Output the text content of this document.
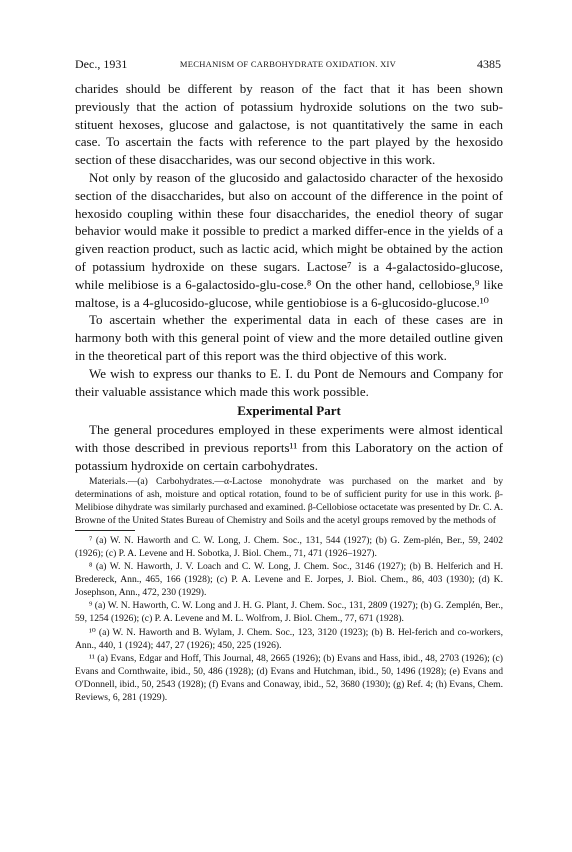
Dec., 1931	MECHANISM OF CARBOHYDRATE OXIDATION. XIV	4385

charides should be different by reason of the fact that it has been shown previously that the action of potassium hydroxide solutions on the two sub-stituent hexoses, glucose and galactose, is not quantitatively the same in each case. To ascertain the facts with reference to the part played by the hexosido section of these disaccharides, was our second objective in this work.

Not only by reason of the glucosido and galactosido character of the hexosido section of the disaccharides, but also on account of the difference in the point of hexosido coupling within these four disaccharides, the enediol theory of sugar behavior would make it possible to predict a marked differ-ence in the yields of a given reaction product, such as lactic acid, which might be obtained by the action of potassium hydroxide on these sugars. Lactose⁷ is a 4-galactosido-glucose, while melibiose is a 6-galactosido-glu-cose.⁸ On the other hand, cellobiose,⁹ like maltose, is a 4-glucosido-glucose, while gentiobiose is a 6-glucosido-glucose.¹⁰

To ascertain whether the experimental data in each of these cases are in harmony both with this general point of view and the more detailed outline given in the theoretical part of this report was the third objective of this work.

We wish to express our thanks to E. I. du Pont de Nemours and Company for their valuable assistance which made this work possible.

Experimental Part

The general procedures employed in these experiments were almost identical with those described in previous reports¹¹ from this Laboratory on the action of potassium hydroxide on certain carbohydrates.

Materials.—(a) Carbohydrates.—α-Lactose monohydrate was purchased on the market and by determinations of ash, moisture and optical rotation, found to be of sufficient purity for use in this work. β-Melibiose dihydrate was similarly purchased and examined. β-Cellobiose octacetate was presented by Dr. C. A. Browne of the United States Bureau of Chemistry and Soils and the acetyl groups removed by the methods of

⁷ (a) W. N. Haworth and C. W. Long, J. Chem. Soc., 131, 544 (1927); (b) G. Zem-plén, Ber., 59, 2402 (1926); (c) P. A. Levene and H. Sobotka, J. Biol. Chem., 71, 471 (1926–1927).

⁸ (a) W. N. Haworth, J. V. Loach and C. W. Long, J. Chem. Soc., 3146 (1927); (b) B. Helferich and H. Bredereck, Ann., 465, 166 (1928); (c) P. A. Levene and E. Jorpes, J. Biol. Chem., 86, 403 (1930); (d) K. Josephson, Ann., 472, 230 (1929).

⁹ (a) W. N. Haworth, C. W. Long and J. H. G. Plant, J. Chem. Soc., 131, 2809 (1927); (b) G. Zemplén, Ber., 59, 1254 (1926); (c) P. A. Levene and M. L. Wolfrom, J. Biol. Chem., 77, 671 (1928).

¹⁰ (a) W. N. Haworth and B. Wylam, J. Chem. Soc., 123, 3120 (1923); (b) B. Hel-ferich and co-workers, Ann., 440, 1 (1924); 447, 27 (1926); 450, 225 (1926).

¹¹ (a) Evans, Edgar and Hoff, This Journal, 48, 2665 (1926); (b) Evans and Hass, ibid., 48, 2703 (1926); (c) Evans and Cornthwaite, ibid., 50, 486 (1928); (d) Evans and Hutchman, ibid., 50, 1496 (1928); (e) Evans and O'Donnell, ibid., 50, 2543 (1928); (f) Evans and Conaway, ibid., 52, 3680 (1930); (g) Ref. 4; (h) Evans, Chem. Reviews, 6, 281 (1929).
